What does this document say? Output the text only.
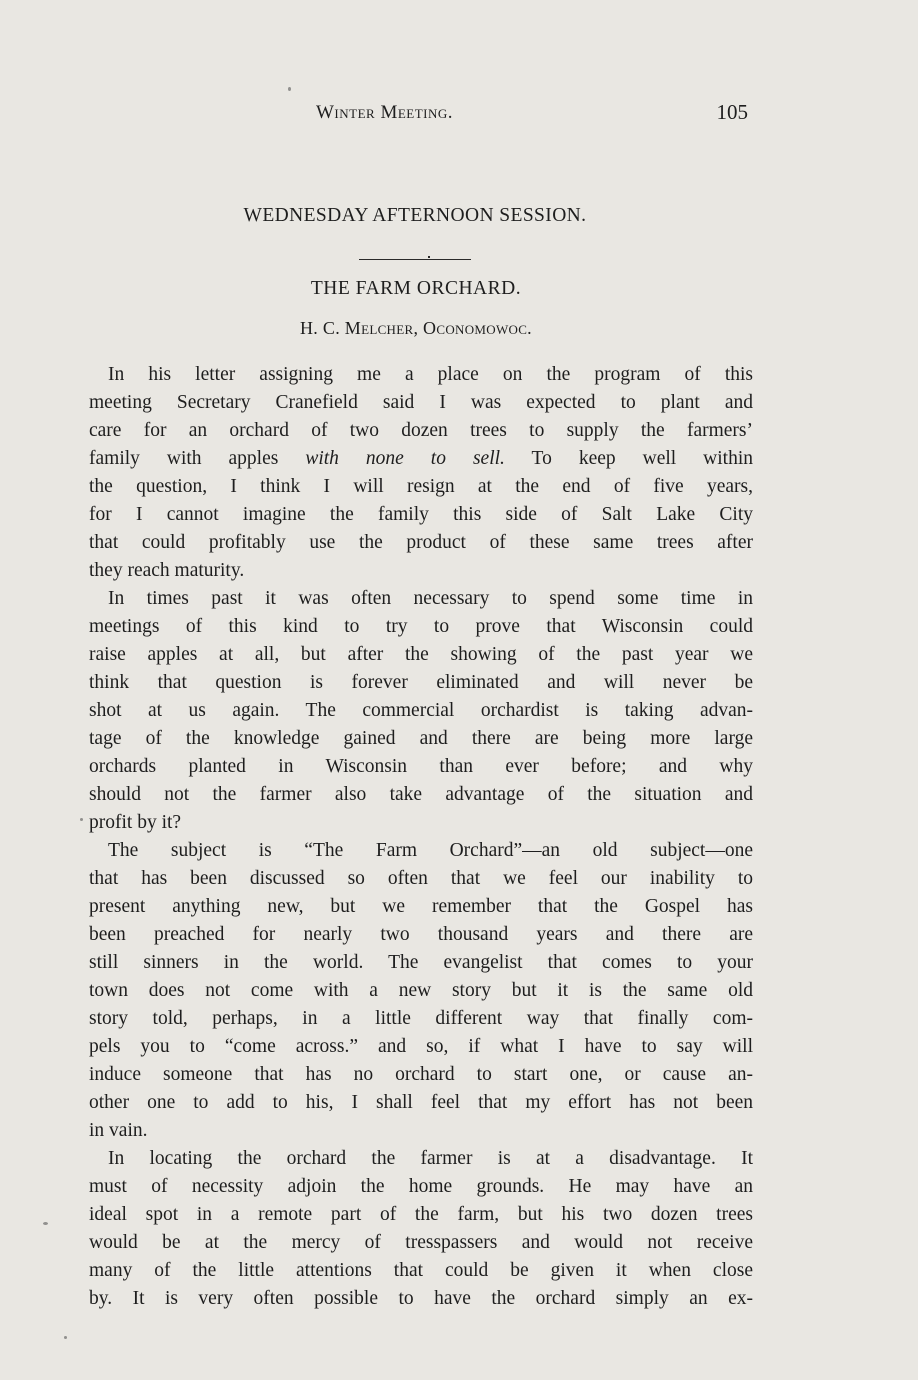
Winter Meeting.	105
WEDNESDAY AFTERNOON SESSION.
THE FARM ORCHARD.
H. C. Melcher, Oconomowoc.
In his letter assigning me a place on the program of this
meeting Secretary Cranefield said I was expected to plant and
care for an orchard of two dozen trees to supply the farmers’
family with apples with none to sell. To keep well within
the question, I think I will resign at the end of five years,
for I cannot imagine the family this side of Salt Lake City
that could profitably use the product of these same trees after
they reach maturity.
In times past it was often necessary to spend some time in
meetings of this kind to try to prove that Wisconsin could
raise apples at all, but after the showing of the past year we
think that question is forever eliminated and will never be
shot at us again. The commercial orchardist is taking advan-
tage of the knowledge gained and there are being more large
orchards planted in Wisconsin than ever before; and why
should not the farmer also take advantage of the situation and
profit by it?
The subject is “The Farm Orchard”—an old subject—one
that has been discussed so often that we feel our inability to
present anything new, but we remember that the Gospel has
been preached for nearly two thousand years and there are
still sinners in the world. The evangelist that comes to your
town does not come with a new story but it is the same old
story told, perhaps, in a little different way that finally com-
pels you to “come across.” and so, if what I have to say will
induce someone that has no orchard to start one, or cause an-
other one to add to his, I shall feel that my effort has not been
in vain.
In locating the orchard the farmer is at a disadvantage. It
must of necessity adjoin the home grounds. He may have an
ideal spot in a remote part of the farm, but his two dozen trees
would be at the mercy of tresspassers and would not receive
many of the little attentions that could be given it when close
by. It is very often possible to have the orchard simply an ex-
